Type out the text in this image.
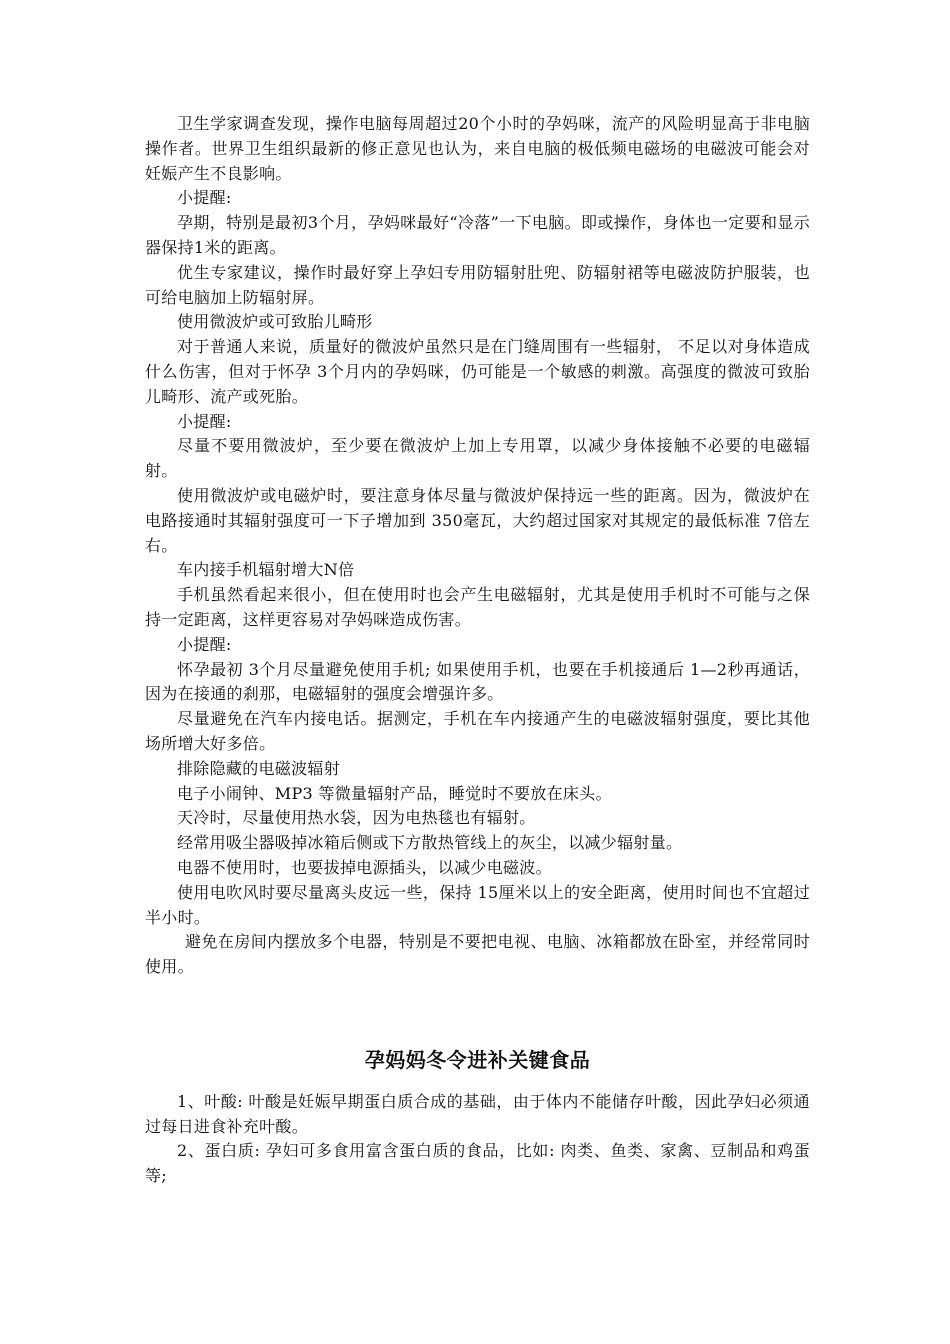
卫生学家调查发现，操作电脑每周超过20个小时的孕妈咪，流产的风险明显高于非电脑操作者。世界卫生组织最新的修正意见也认为，来自电脑的极低频电磁场的电磁波可能会对妊娠产生不良影响。

小提醒:

孕期，特别是最初3个月，孕妈咪最好“冷落”一下电脑。即或操作，身体也一定要和显示器保持1米的距离。

优生专家建议，操作时最好穿上孕妇专用防辐射肚兜、防辐射裙等电磁波防护服装，也可给电脑加上防辐射屏。

使用微波炉或可致胎儿畸形

对于普通人来说，质量好的微波炉虽然只是在门缝周围有一些辐射， 不足以对身体造成什么伤害，但对于怀孕 3个月内的孕妈咪，仍可能是一个敏感的刺激。高强度的微波可致胎儿畸形、流产或死胎。

小提醒:

尽量不要用微波炉，至少要在微波炉上加上专用罩，以减少身体接触不必要的电磁辐射。

使用微波炉或电磁炉时，要注意身体尽量与微波炉保持远一些的距离。因为，微波炉在电路接通时其辐射强度可一下子增加到 350毫瓦，大约超过国家对其规定的最低标准 7倍左右。

车内接手机辐射增大N倍

手机虽然看起来很小，但在使用时也会产生电磁辐射，尤其是使用手机时不可能与之保持一定距离，这样更容易对孕妈咪造成伤害。

小提醒:

怀孕最初 3个月尽量避免使用手机; 如果使用手机，也要在手机接通后 1—2秒再通话，因为在接通的刹那，电磁辐射的强度会增强许多。

尽量避免在汽车内接电话。据测定，手机在车内接通产生的电磁波辐射强度，要比其他场所增大好多倍。

排除隐藏的电磁波辐射

电子小闹钟、MP3 等微量辐射产品，睡觉时不要放在床头。

天冷时，尽量使用热水袋，因为电热毯也有辐射。

经常用吸尘器吸掉冰箱后侧或下方散热管线上的灰尘，以减少辐射量。

电器不使用时，也要拔掉电源插头，以减少电磁波。

使用电吹风时要尽量离头皮远一些，保持 15厘米以上的安全距离，使用时间也不宜超过半小时。

避免在房间内摆放多个电器，特别是不要把电视、电脑、冰箱都放在卧室，并经常同时使用。

孕妈妈冬令进补关键食品

1、叶酸: 叶酸是妊娠早期蛋白质合成的基础，由于体内不能储存叶酸，因此孕妇必须通过每日进食补充叶酸。

2、蛋白质: 孕妇可多食用富含蛋白质的食品，比如: 肉类、鱼类、家禽、豆制品和鸡蛋等;
